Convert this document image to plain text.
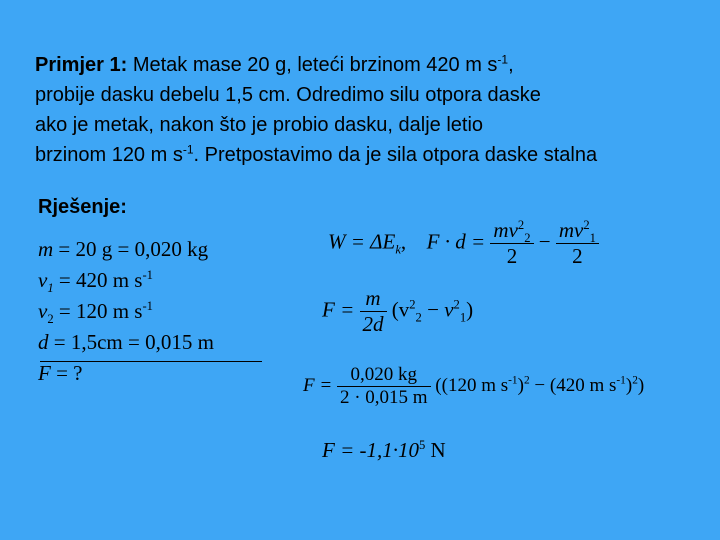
Primjer 1: Metak mase 20 g, leteći brzinom 420 m $s^{-1}$,
probije dasku debelu 1,5 cm. Odredimo silu otpora daske
ako je metak, nakon što je probio dasku, dalje letio
brzinom 120 m $s^{-1}$. Pretpostavimo da je sila otpora daske stalna
Rješenje:
m = 20 g = 0,020 kg
$v_1 = 420$ m $s^{-1}$
$v_2 = 120$ m $s^{-1}$
d = 1,5cm = 0,015 m
F = ?
$W = \Delta E_k$, $F \cdot d = \frac{mv^2_2}{2} - \frac{mv^2_1}{2}$
$F = \frac{m}{2d} (v^2_2 - v^2_1)$
$F = \frac{0,020 kg}{2 \cdot 0,015 m} ((120$ m $s^{-1})^2 - (420$ m $s^{-1})^2$)
$F = -1,1\cdot 10^5$ N
